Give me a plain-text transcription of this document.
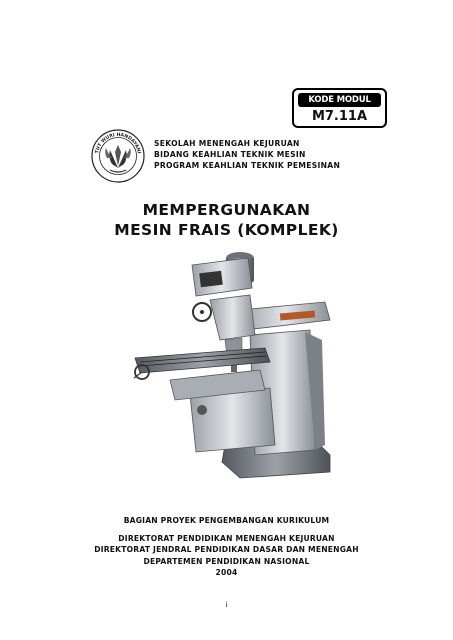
KODE MODUL
M7.11A
TUT WURI HANDAYANI
SEKOLAH MENENGAH KEJURUAN
BIDANG KEAHLIAN TEKNIK MESIN
PROGRAM KEAHLIAN TEKNIK PEMESINAN
MEMPERGUNAKAN
MESIN FRAIS (KOMPLEK)
BAGIAN PROYEK PENGEMBANGAN KURIKULUM
DIREKTORAT PENDIDIKAN MENENGAH KEJURUAN
DIREKTORAT JENDRAL PENDIDIKAN DASAR DAN MENENGAH
DEPARTEMEN PENDIDIKAN NASIONAL
2004
i
